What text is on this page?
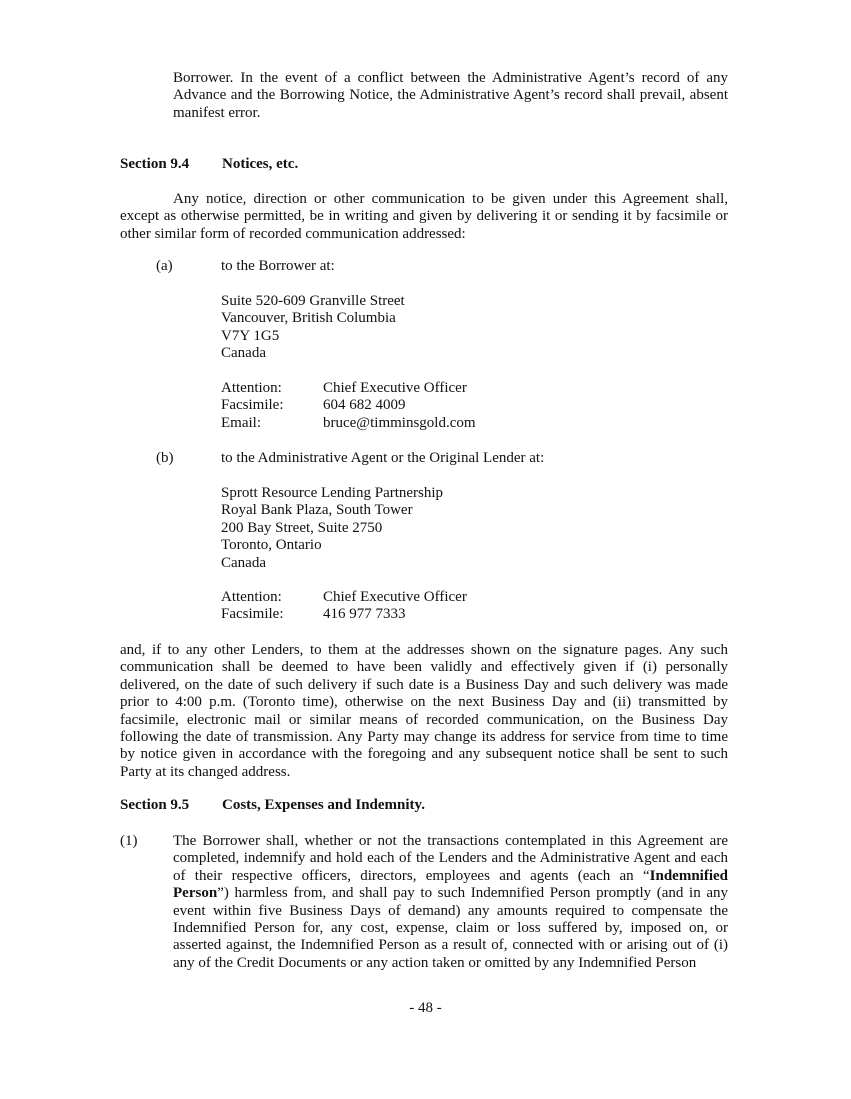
Borrower. In the event of a conflict between the Administrative Agent’s record of any Advance and the Borrowing Notice, the Administrative Agent’s record shall prevail, absent manifest error.

Section 9.4 Notices, etc.

Any notice, direction or other communication to be given under this Agreement shall, except as otherwise permitted, be in writing and given by delivering it or sending it by facsimile or other similar form of recorded communication addressed:

(a)	to the Borrower at:
Suite 520-609 Granville Street
Vancouver, British Columbia
V7Y 1G5
Canada
Attention:	Chief Executive Officer
Facsimile:	604 682 4009
Email:	bruce@timminsgold.com
(b)	to the Administrative Agent or the Original Lender at:
Sprott Resource Lending Partnership
Royal Bank Plaza, South Tower
200 Bay Street, Suite 2750
Toronto, Ontario
Canada
Attention:	Chief Executive Officer
Facsimile:	416 977 7333

and, if to any other Lenders, to them at the addresses shown on the signature pages. Any such communication shall be deemed to have been validly and effectively given if (i) personally delivered, on the date of such delivery if such date is a Business Day and such delivery was made prior to 4:00 p.m. (Toronto time), otherwise on the next Business Day and (ii) transmitted by facsimile, electronic mail or similar means of recorded communication, on the Business Day following the date of transmission. Any Party may change its address for service from time to time by notice given in accordance with the foregoing and any subsequent notice shall be sent to such Party at its changed address.

Section 9.5 Costs, Expenses and Indemnity.
(1) The Borrower shall, whether or not the transactions contemplated in this Agreement are completed, indemnify and hold each of the Lenders and the Administrative Agent and each of their respective officers, directors, employees and agents (each an “Indemnified Person”) harmless from, and shall pay to such Indemnified Person promptly (and in any event within five Business Days of demand) any amounts required to compensate the Indemnified Person for, any cost, expense, claim or loss suffered by, imposed on, or asserted against, the Indemnified Person as a result of, connected with or arising out of (i) any of the Credit Documents or any action taken or omitted by any Indemnified Person

- 48 -
